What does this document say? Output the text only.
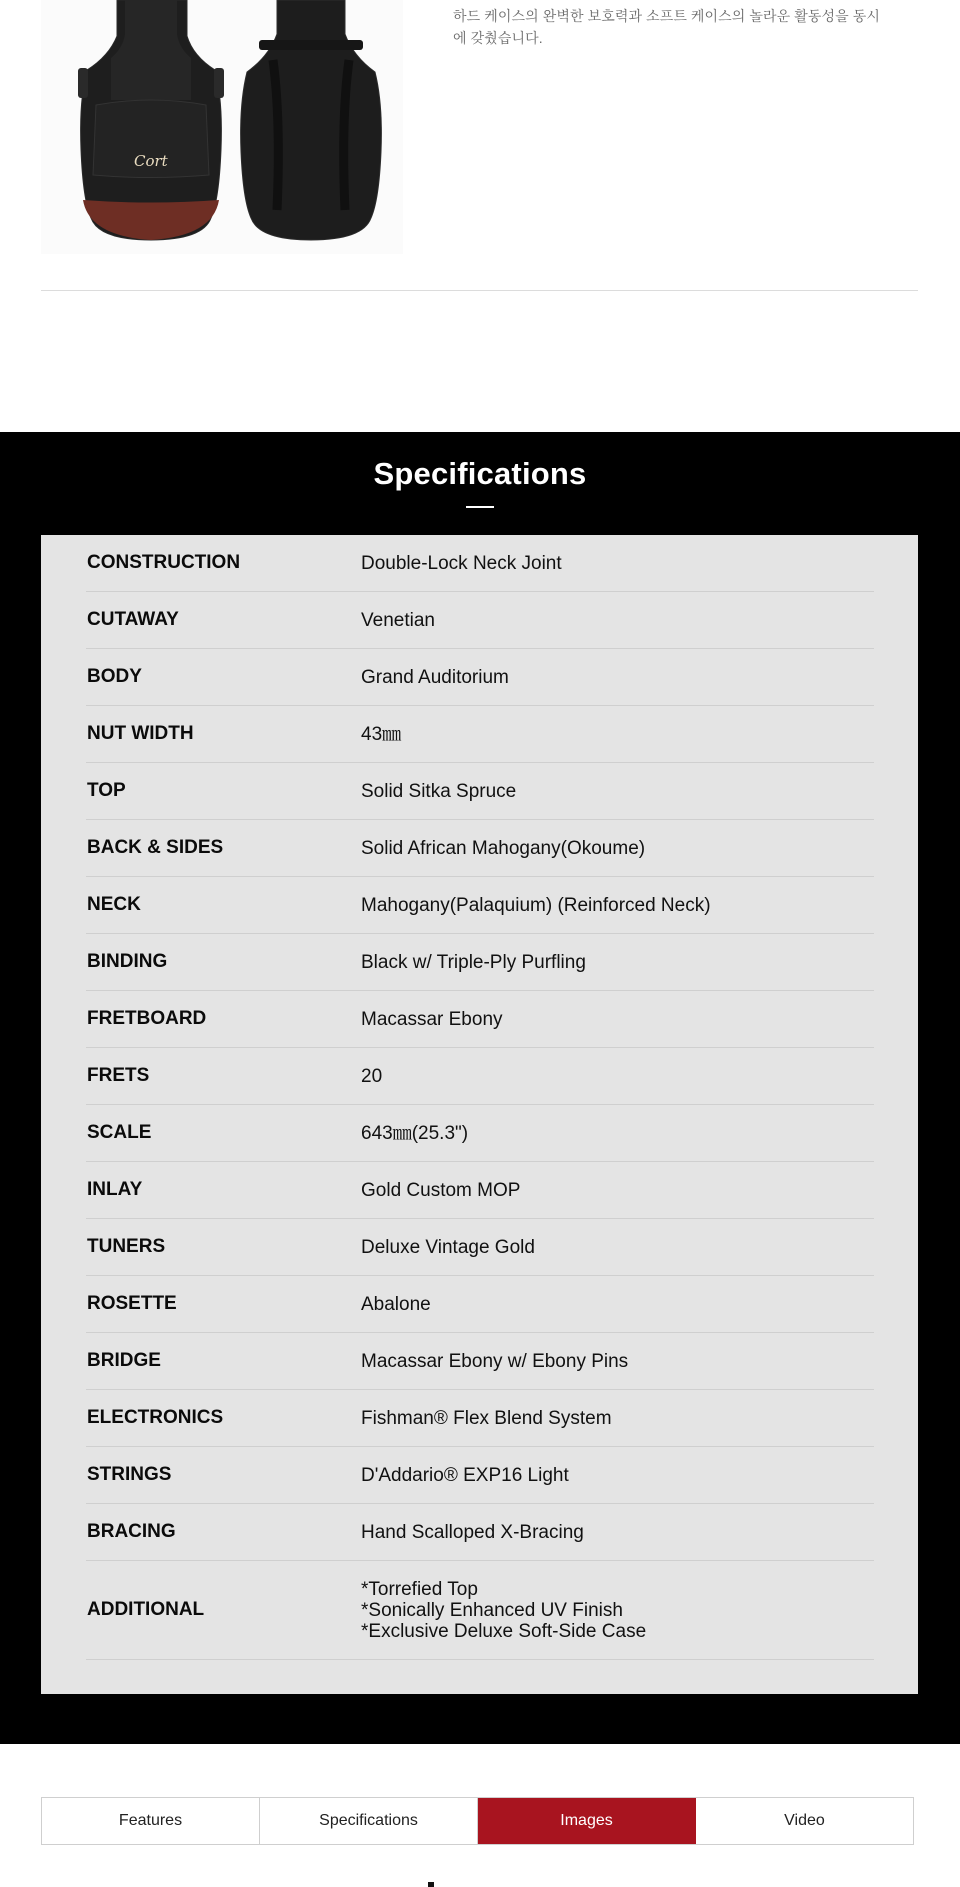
Cort

하드 케이스의 완벽한 보호력과 소프트 케이스의 놀라운 활동성을 동시에 갖췄습니다.

Specifications
CONSTRUCTION	Double-Lock Neck Joint
CUTAWAY	Venetian
BODY	Grand Auditorium
NUT WIDTH	43㎜
TOP	Solid Sitka Spruce
BACK & SIDES	Solid African Mahogany(Okoume)
NECK	Mahogany(Palaquium) (Reinforced Neck)
BINDING	Black w/ Triple-Ply Purfling
FRETBOARD	Macassar Ebony
FRETS	20
SCALE	643㎜(25.3")
INLAY	Gold Custom MOP
TUNERS	Deluxe Vintage Gold
ROSETTE	Abalone
BRIDGE	Macassar Ebony w/ Ebony Pins
ELECTRONICS	Fishman® Flex Blend System
STRINGS	D'Addario® EXP16 Light
BRACING	Hand Scalloped X-Bracing
ADDITIONAL
*Torrefied Top
*Sonically Enhanced UV Finish
*Exclusive Deluxe Soft-Side Case
Features	Specifications	Images	Video
